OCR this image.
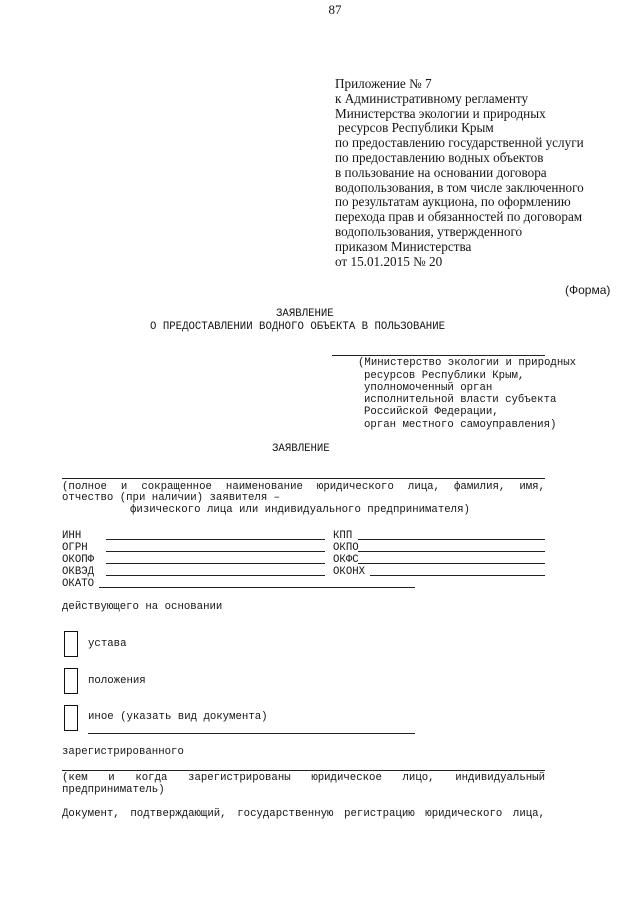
87
Приложение № 7
к Административному регламенту
Министерства экологии и природных
ресурсов Республики Крым
по предоставлению государственной услуги
по предоставлению водных объектов
в пользование на основании договора
водопользования, в том числе заключенного
по результатам аукциона, по оформлению
перехода прав и обязанностей по договорам
водопользования, утвержденного
приказом Министерства
от 15.01.2015 № 20
(Форма)
ЗАЯВЛЕНИЕ
О ПРЕДОСТАВЛЕНИИ ВОДНОГО ОБЪЕКТА В ПОЛЬЗОВАНИЕ
(Министерство экологии и природных
ресурсов Республики Крым,
уполномоченный орган
исполнительной власти субъекта
Российской Федерации,
орган местного самоуправления)
ЗАЯВЛЕНИЕ
(полное и сокращенное наименование юридического лица, фамилия, имя,
отчество (при наличии) заявителя –
физического лица или индивидуального предпринимателя)
ИНН	КПП
ОГРН	ОКПО
ОКОПФ	ОКФС
ОКВЭД	ОКОНХ
ОКАТО
действующего на основании
устава
положения
иное (указать вид документа)
зарегистрированного
(кем и когда зарегистрированы юридическое лицо, индивидуальный
предприниматель)
Документ, подтверждающий, государственную регистрацию юридического лица,
